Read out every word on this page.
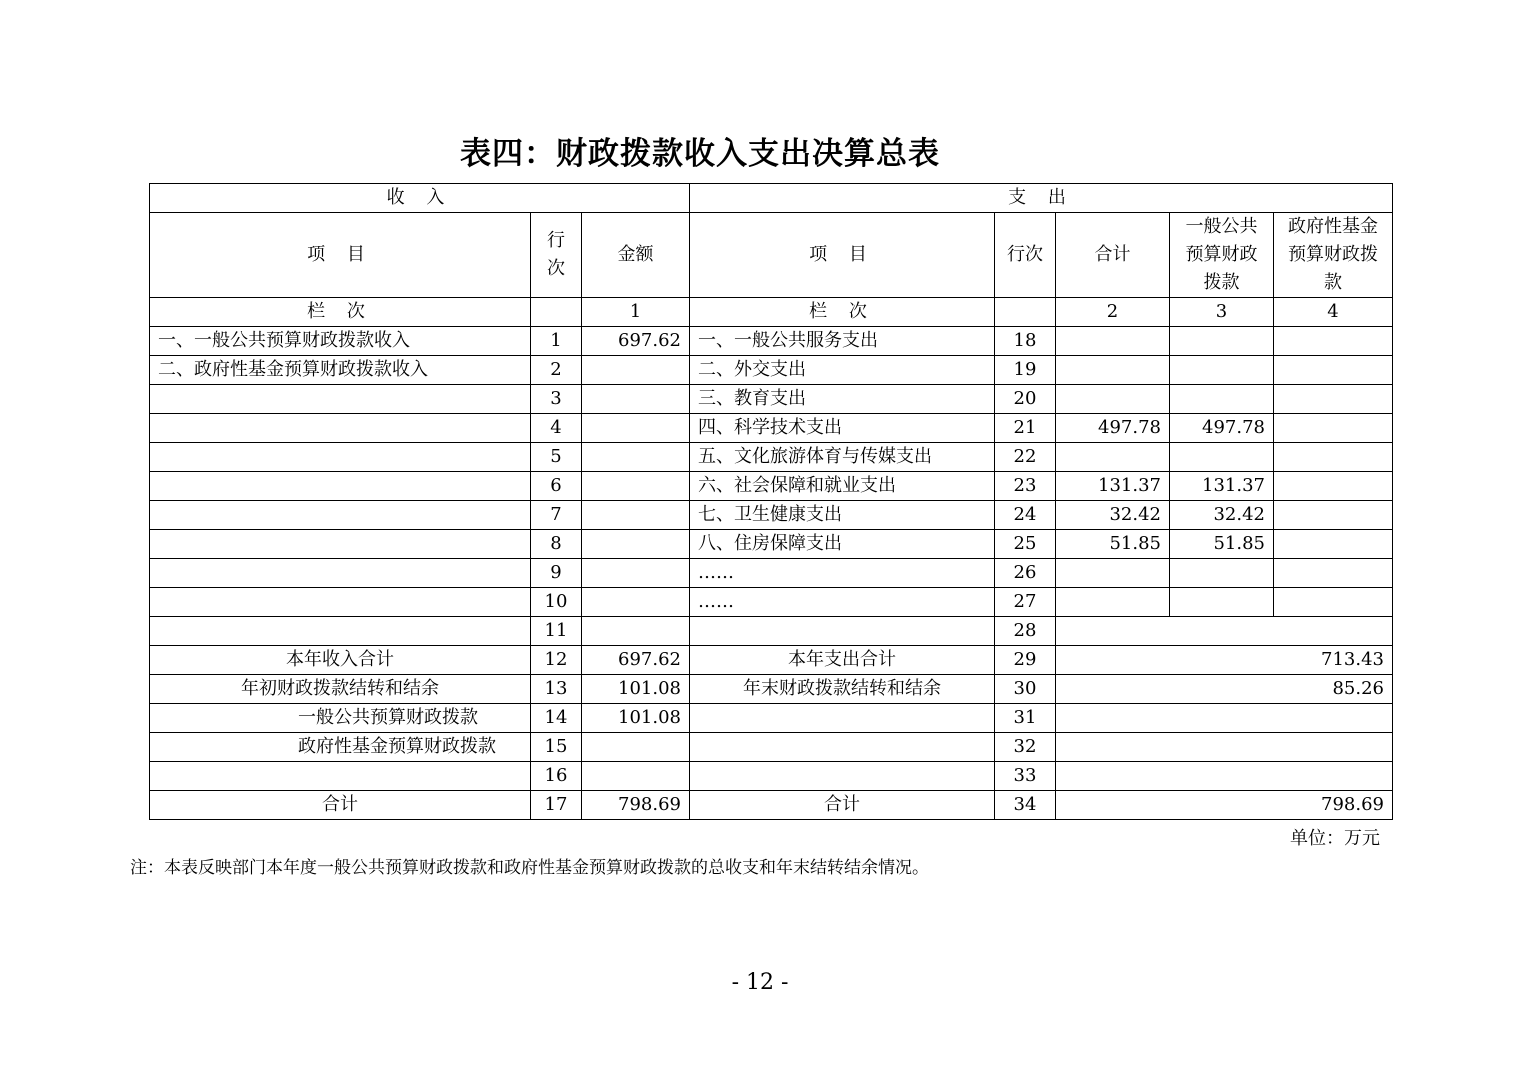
表四：财政拨款收入支出决算总表
收 入			支 出				
项 目	行次	金额	项 目	行次	合计	一般公共预算财政拨款	政府性基金预算财政拨款
栏 次		1	栏 次		2	3	4
一、一般公共预算财政拨款收入	1	697.62	一、一般公共服务支出	18			
二、政府性基金预算财政拨款收入	2		二、外交支出	19			
	3		三、教育支出	20			
	4		四、科学技术支出	21	497.78	497.78	
	5		五、文化旅游体育与传媒支出	22			
	6		六、社会保障和就业支出	23	131.37	131.37	
	7		七、卫生健康支出	24	32.42	32.42	
	8		八、住房保障支出	25	51.85	51.85	
	9		……	26			
	10		……	27			
	11			28			
本年收入合计	12	697.62	本年支出合计	29	713.43		
年初财政拨款结转和结余	13	101.08	年末财政拨款结转和结余	30	85.26		
一般公共预算财政拨款	14	101.08		31			
政府性基金预算财政拨款	15			32			
	16			33			
合计	17	798.69	合计	34	798.69		
单位：万元
注：本表反映部门本年度一般公共预算财政拨款和政府性基金预算财政拨款的总收支和年末结转结余情况。
- 12 -
